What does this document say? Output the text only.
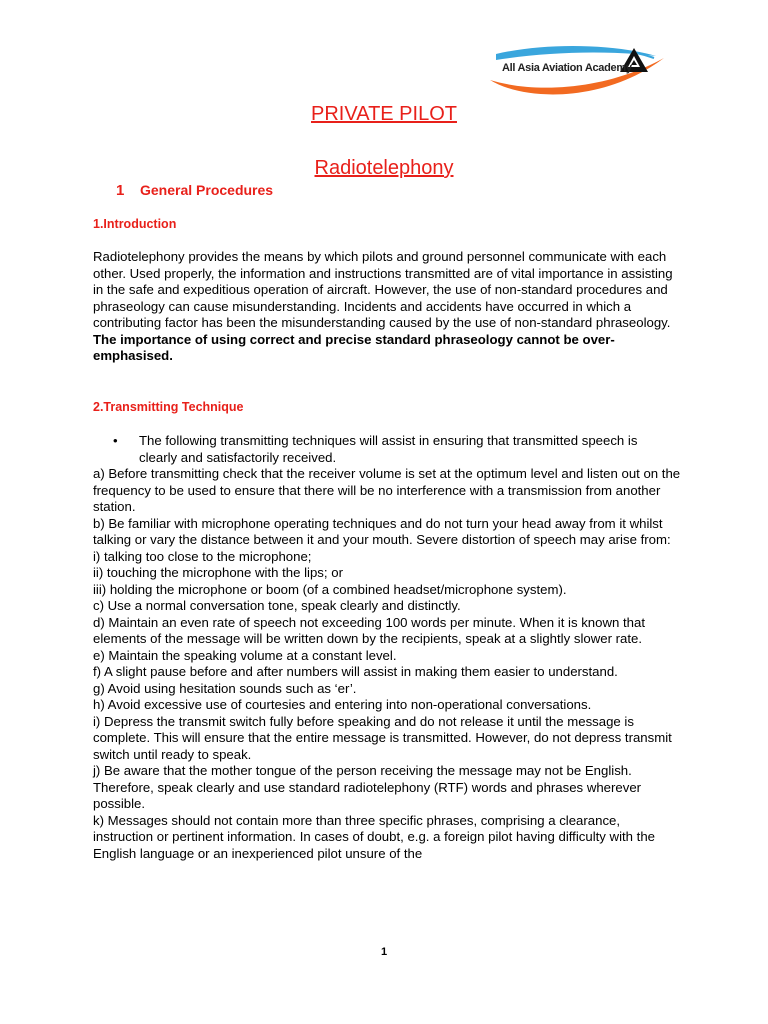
All Asia Aviation Academy
PRIVATE PILOT
Radiotelephony
1 General Procedures
1.Introduction
Radiotelephony provides the means by which pilots and ground personnel communicate with each other. Used properly, the information and instructions transmitted are of vital importance in assisting in the safe and expeditious operation of aircraft. However, the use of non-standard procedures and phraseology can cause misunderstanding. Incidents and accidents have occurred in which a contributing factor has been the misunderstanding caused by the use of non-standard phraseology. The importance of using correct and precise standard phraseology cannot be over-emphasised.
2.Transmitting Technique
• The following transmitting techniques will assist in ensuring that transmitted speech is clearly and satisfactorily received.
a) Before transmitting check that the receiver volume is set at the optimum level and listen out on the frequency to be used to ensure that there will be no interference with a transmission from another station.
b) Be familiar with microphone operating techniques and do not turn your head away from it whilst talking or vary the distance between it and your mouth. Severe distortion of speech may arise from:
i) talking too close to the microphone;
ii) touching the microphone with the lips; or
iii) holding the microphone or boom (of a combined headset/microphone system).
c) Use a normal conversation tone, speak clearly and distinctly.
d) Maintain an even rate of speech not exceeding 100 words per minute. When it is known that elements of the message will be written down by the recipients, speak at a slightly slower rate.
e) Maintain the speaking volume at a constant level.
f) A slight pause before and after numbers will assist in making them easier to understand.
g) Avoid using hesitation sounds such as ‘er’.
h) Avoid excessive use of courtesies and entering into non-operational conversations.
i) Depress the transmit switch fully before speaking and do not release it until the message is complete. This will ensure that the entire message is transmitted. However, do not depress transmit switch until ready to speak.
j) Be aware that the mother tongue of the person receiving the message may not be English. Therefore, speak clearly and use standard radiotelephony (RTF) words and phrases wherever possible.
k) Messages should not contain more than three specific phrases, comprising a clearance, instruction or pertinent information. In cases of doubt, e.g. a foreign pilot having difficulty with the English language or an inexperienced pilot unsure of the
1
